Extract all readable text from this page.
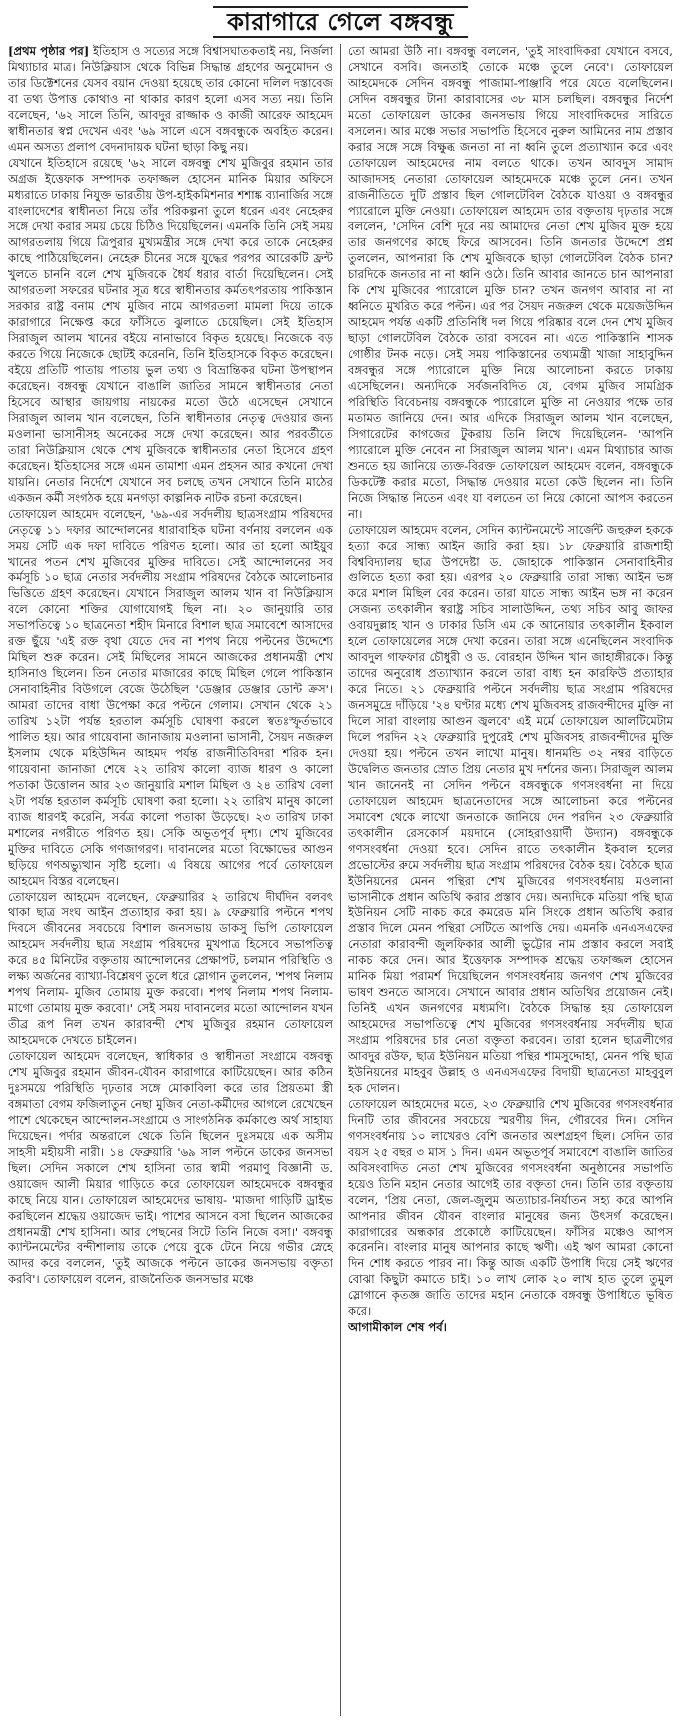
কারাগারে গেলে বঙ্গবন্ধু

[প্রথম পৃষ্ঠার পর] ইতিহাস ও সত্যের সঙ্গে বিশ্বাসঘাতকতাই নয়, নির্জলা মিথ্যাচার মাত্র। নিউক্লিয়াস থেকে বিভিন্ন সিদ্ধান্ত গ্রহণের অনুমোদন ও তার ডিক্টেশনের যেসব বয়ান দেওয়া হয়েছে তার কোনো দলিল দস্তাবেজ বা তথ্য উপাত্ত কোথাও না থাকার কারণ হলো এসব সত্য নয়। তিনি বলেছেন, '৬২ সালে তিনি, আবদুর রাজ্জাক ও কাজী আরেফ আহমেদ স্বাধীনতার স্বপ্ন দেখেন এবং '৬৯ সালে এসে বঙ্গবন্ধুকে অবহিত করেন। এমন অসত্য প্রলাপ বেদনাদায়ক ঘটনা ছাড়া কিছু নয়।

যেখানে ইতিহাসে রয়েছে '৬২ সালে বঙ্গবন্ধু শেখ মুজিবুর রহমান তার অগ্রজ ইত্তেফাক সম্পাদক তফাজ্জল হোসেন মানিক মিয়ার অফিসে মধ্যরাতে ঢাকায় নিযুক্ত ভারতীয় উপ-হাইকমিশনার শশাঙ্ক ব্যানার্জির সঙ্গে বাংলাদেশের স্বাধীনতা নিয়ে তাঁর পরিকল্পনা তুলে ধরেন এবং নেহেরুর সঙ্গে দেখা করার সময় চেয়ে চিঠিও দিয়েছিলেন। এমনকি তিনি সেই সময় আগরতলায় গিয়ে ত্রিপুরার মুখ্যমন্ত্রীর সঙ্গে দেখা করে তাকে নেহেরুর কাছে পাঠিয়েছিলেন। নেহেরু চীনের সঙ্গে যুদ্ধের পরপর আরেকটি ফ্রন্ট খুলতে চাননি বলে শেখ মুজিবকে ধৈর্য ধরার বার্তা দিয়েছিলেন। সেই আগরতলা সফরের ঘটনার সূত্র ধরে স্বাধীনতার কর্মতৎপরতায় পাকিস্তান সরকার রাষ্ট্র বনাম শেখ মুজিব নামে আগরতলা মামলা দিয়ে তাকে কারাগারে নিক্ষেপ্ত করে ফাঁসিতে ঝুলাতে চেয়েছিল। সেই ইতিহাস সিরাজুল আলম খানের বইয়ে নানাভাবে বিকৃত হয়েছে। নিজেকে বড় করতে গিয়ে নিজেকে ছোটই করেননি, তিনি ইতিহাসকে বিকৃত করেছেন। বইয়ে প্রতিটি পাতায় পাতায় ভুল তথ্য ও বিভ্রান্তিকর ঘটনা উপস্থাপন করেছেন। বঙ্গবন্ধু যেখানে বাঙালি জাতির সামনে স্বাধীনতার নেতা হিসেবে আস্থার জায়গায় নায়কের মতো উঠে এসেছেন সেখানে সিরাজুল আলম খান বলেছেন, তিনি স্বাধীনতার নেতৃত্ব দেওয়ার জন্য মওলানা ভাসানীসহ অনেকের সঙ্গে দেখা করেছেন। আর পরবর্তীতে তারা নিউক্লিয়াস থেকে শেখ মুজিবকে স্বাধীনতার নেতা হিসেবে গ্রহণ করেছেন। ইতিহাসের সঙ্গে এমন তামাশা এমন প্রহসন আর কখনো দেখা যায়নি। নেতার নির্দেশে যেখানে সব চলছে তখন সেখানে তিনি মাঠের একজন কর্মী সংগঠক হয়ে মনগড়া কাল্পনিক নাটক রচনা করেছেন।

তোফায়েল আহমেদ বলেছেন, '৬৯-এর সর্বদলীয় ছাত্রসংগ্রাম পরিষদের নেতৃত্বে ১১ দফার আন্দোলনের ধারাবাহিক ঘটনা বর্ণনায় বললেন এক সময় সেটি এক দফা দাবিতে পরিণত হলো। আর তা হলো আইয়ুব খানের পতন শেখ মুজিবের মুক্তির দাবিতে। সেই আন্দোলনের সব কর্মসূচি ১০ ছাত্র নেতার সর্বদলীয় সংগ্রাম পরিষদের বৈঠকে আলোচনার ভিত্তিতে গ্রহণ করেছেন। যেখানে সিরাজুল আলম খান বা নিউক্লিয়াস বলে কোনো শক্তির যোগাযোগই ছিল না। ২০ জানুয়ারি তার সভাপতিত্বে ১০ ছাত্রনেতা শহীদ মিনারে বিশাল ছাত্র সমাবেশে আসাদের রক্ত ছুঁয়ে 'এই রক্ত বৃথা যেতে দেব না শপথ নিয়ে পল্টনের উদ্দেশ্যে মিছিল শুরু করেন। সেই মিছিলের সামনে আজকের প্রধানমন্ত্রী শেখ হাসিনাও ছিলেন। তিন নেতার মাজারের কাছে মিছিল গেলে পাকিস্তান সেনাবাহিনীর বিউগলে বেজে উঠেছিল 'ডেঞ্জার ডেঞ্জার ডোন্ট ক্রস'। আমরা তাদের বাধা উপেক্ষা করে পল্টনে গেলাম। সেখান থেকে ২১ তারিখ ১২টা পর্যন্ত হরতাল কর্মসূচি ঘোষণা করলে স্বতঃস্ফূর্তভাবে পালিত হয়। আর গায়েবানা জানাজায় মওলানা ভাসানী, সৈয়দ নজরুল ইসলাম থেকে মহিউদ্দিন আহমদ পর্যন্ত রাজনীতিবিদরা শরিক হন। গায়েবানা জানাজা শেষে ২২ তারিখ কালো ব্যাজ ধারণ ও কালো পতাকা উত্তোলন আর ২৩ জানুয়ারি মশাল মিছিল ও ২৪ তারিখ বেলা ২টা পর্যন্ত হরতাল কর্মসূচি ঘোষণা করা হলো। ২২ তারিখ মানুষ কালো ব্যাজ ধারণই করেনি, সর্বত্র কালো পতাকা উড়েছে। ২৩ তারিখ ঢাকা মশালের নগরীতে পরিণত হয়। সেকি অভূতপূর্ব দৃশ্য। শেখ মুজিবের মুক্তির দাবিতে সেকি গণজাগরণ। দাবানলের মতো বিক্ষোভের আগুন ছড়িয়ে গণঅভ্যুত্থান সৃষ্টি হলো। এ বিষয়ে আগের পর্বে তোফায়েল আহমেদ বিস্তর বলেছেন।

তোফায়েল আহমেদ বলেছেন, ফেব্রুয়ারির ২ তারিখে দীর্ঘদিন বলবৎ থাকা ছাত্র সংঘ আইন প্রত্যাহার করা হয়। ৯ ফেব্রুয়ারি পল্টনে শপথ দিবসে জীবনের সবচেয়ে বিশাল জনসভায় ডাকসু ভিপি তোফায়েল আহমেদ সর্বদলীয় ছাত্র সংগ্রাম পরিষদের মুখপাত্র হিসেবে সভাপতিত্ব করে ৪৫ মিনিটের বক্তৃতায় আন্দোলনের প্রেক্ষাপট, চলমান পরিস্থিতি ও লক্ষ্য অর্জনের ব্যাখ্যা-বিশ্লেষণ তুলে ধরে স্লোগান তুললেন, 'শপথ নিলাম শপথ নিলাম- মুজিব তোমায় মুক্ত করবো। শপথ নিলাম শপথ নিলাম- মাগো তোমায় মুক্ত করবো।' সেই সময় দাবানলের মতো আন্দোলন যখন তীব্র রূপ নিল তখন কারাবন্দী শেখ মুজিবুর রহমান তোফায়েল আহমেদকে দেখতে চাইলেন।

তোফায়েল আহমেদ বলেছেন, স্বাধিকার ও স্বাধীনতা সংগ্রামে বঙ্গবন্ধু শেখ মুজিবুর রহমান জীবন-যৌবন কারাগারে কাটিয়েছেন। আর কঠিন দুঃসময়ে পরিস্থিতি দৃঢ়তার সঙ্গে মোকাবিলা করে তার প্রিয়তমা স্ত্রী বঙ্গমাতা বেগম ফজিলাতুন নেছা মুজিব নেতা-কর্মীদের আগলে রেখেছেন পাশে থেকেছেন আন্দোলন-সংগ্রামে ও সাংগঠনিক কর্মকাণ্ডে অর্থ সাহায্য দিয়েছেন। পর্দার অন্তরালে থেকে তিনি ছিলেন দুঃসময়ে এক অসীম সাহসী মহীয়সী নারী। ১৪ ফেব্রুয়ারি '৬৯ সাল পল্টনে ডাকের জনসভা ছিল। সেদিন সকালে শেখ হাসিনা তার স্বামী পরমাণু বিজ্ঞানী ড. ওয়াজেদ আলী মিয়ার গাড়িতে করে তোফায়েল আহমেদকে বঙ্গবন্ধুর কাছে নিয়ে যান। তোফায়েল আহমেদের ভাষায়- 'মাজদা গাড়িটি ড্রাইভ করছিলেন শ্রদ্ধেয় ওয়াজেদ ভাই। পাশের আসনে বসা ছিলেন আজকের প্রধানমন্ত্রী শেখ হাসিনা। আর পেছনের সিটে তিনি নিজে বসা।' বঙ্গবন্ধু ক্যান্টনমেন্টের বন্দীশালায় তাকে পেয়ে বুকে টেনে নিয়ে গভীর স্নেহে আদর করে বললেন, 'তুই আজকে পল্টনে ডাকের জনসভায় বক্তৃতা করবি'। তোফায়েল বলেন, রাজনৈতিক জনসভার মঞ্চে

তো আমরা উঠি না। বঙ্গবন্ধু বললেন, 'তুই সাংবাদিকরা যেখানে বসবে, সেখানে বসবি। জনতাই তোকে মঞ্চে তুলে নেবে'। তোফায়েল আহমেদকে সেদিন বঙ্গবন্ধু পাজামা-পাঞ্জাবি পরে যেতে বলেছিলেন। সেদিন বঙ্গবন্ধুর টানা কারাবাসের ৩৮ মাস চলছিল। বঙ্গবন্ধুর নির্দেশ মতো তোফায়েল ডাকের জনসভায় গিয়ে সাংবাদিকদের সারিতে বসলেন। আর মঞ্চে সভার সভাপতি হিসেবে নুরুল আমিনের নাম প্রস্তাব করার সঙ্গে সঙ্গে বিক্ষুব্ধ জনতা না না ধ্বনি তুলে প্রত্যাখ্যান করে এবং তোফায়েল আহমেদের নাম বলতে থাকে। তখন আবদুস সামাদ আজাদসহ নেতারা তোফায়েল আহমেদকে মঞ্চে তুলে নেন। তখন রাজনীতিতে দুটি প্রস্তাব ছিল গোলটেবিল বৈঠকে যাওয়া ও বঙ্গবন্ধুর প্যারোলে মুক্তি নেওয়া। তোফায়েল আহমেদ তার বক্তৃতায় দৃঢ়তার সঙ্গে বললেন, 'সেদিন বেশি দূরে নয় আমাদের নেতা শেখ মুজিব মুক্ত হয়ে তার জনগণের কাছে ফিরে আসবেন। তিনি জনতার উদ্দেশে প্রশ্ন তুললেন, আপনারা কি শেখ মুজিবকে ছাড়া গোলটেবিল বৈঠক চান? চারদিকে জনতার না না ধ্বনি ওঠে। তিনি আবার জানতে চান আপনারা কি শেখ মুজিবের প্যারোলে মুক্তি চান? তখন জনগণ আবার না না ধ্বনিতে মুখরিত করে পল্টন। এর পর সৈয়দ নজরুল থেকে ময়েজউদ্দিন আহমেদ পর্যন্ত একটি প্রতিনিধি দল গিয়ে পরিষ্কার বলে দেন শেখ মুজিব ছাড়া গোলটেবিল বৈঠকে তারা বসবেন না। এতে পাকিস্তানি শাসক গোষ্ঠীর টনক নড়ে। সেই সময় পাকিস্তানের তথ্যমন্ত্রী খাজা সাহাবুদ্দিন বঙ্গবন্ধুর সঙ্গে প্যারোলে মুক্তি নিয়ে আলোচনা করতে ঢাকায় এসেছিলেন। অন্যদিকে সর্বজনবিদিত যে, বেগম মুজিব সামগ্রিক পরিস্থিতি বিবেচনায় বঙ্গবন্ধুকে প্যারোলে মুক্তি না নেওয়ার পক্ষে তার মতামত জানিয়ে দেন। আর এদিকে সিরাজুল আলম খান বলেছেন, সিগারেটের কাগজের টুকরায় তিনি লিখে দিয়েছিলেন- 'আপনি প্যারোলে মুক্তি নেবেন না সিরাজুল আলম খান'। এমন মিথ্যাচার আজ শুনতে হয় জানিয়ে ত্যক্ত-বিরক্ত তোফায়েল আহমেদ বলেন, বঙ্গবন্ধুকে ডিকটেক্ট করার মতো, সিদ্ধান্ত দেওয়ার মতো কেউ ছিলেন না। তিনি নিজে সিদ্ধান্ত নিতেন এবং যা বলতেন তা নিয়ে কোনো আপস করতেন না।

তোফায়েল আহমেদ বলেন, সেদিন ক্যান্টনমেন্টে সার্জেন্ট জহুরুল হককে হত্যা করে সান্ধ্য আইন জারি করা হয়। ১৮ ফেব্রুয়ারি রাজশাহী বিশ্ববিদ্যালয় ছাত্র উপদেষ্টা ড. জোহাকে পাকিস্তান সেনাবাহিনীর গুলিতে হত্যা করা হয়। এরপর ২০ ফেব্রুয়ারি তারা সান্ধ্য আইন ভঙ্গ করে মশাল মিছিল বের করেন। তারা যাতে সান্ধ্য আইন ভঙ্গ না করেন সেজন্য তৎকালীন স্বরাষ্ট্র সচিব সালাউদ্দিন, তথ্য সচিব আবু জাফর ওবায়দুল্লাহ খান ও ঢাকার ডিসি এম কে আনোয়ার তৎকালীন ইকবাল হলে তোফায়েলের সঙ্গে দেখা করেন। তারা সঙ্গে এনেছিলেন সংবাদিক আবদুল গাফফার চৌধুরী ও ড. বোরহান উদ্দিন খান জাহাঙ্গীরকে। কিন্তু তাদের অনুরোধ প্রত্যাখ্যান করলে তারা বাধ্য হন কারফিউ প্রত্যাহার করে নিতে। ২১ ফেব্রুয়ারি পল্টনে সর্বদলীয় ছাত্র সংগ্রাম পরিষদের জনসমুদ্রে দাঁড়িয়ে '২৪ ঘণ্টার মধ্যে শেখ মুজিবসহ রাজবন্দীদের মুক্তি না দিলে সারা বাংলায় আগুন জ্বলবে' এই মর্মে তোফায়েল আলটিমেটাম দিলে পরদিন ২২ ফেব্রুয়ারি দুপুরেই শেখ মুজিবসহ রাজবন্দীদের মুক্তি দেওয়া হয়। পল্টনে তখন লাখো মানুষ। ধানমন্ডি ৩২ নম্বর বাড়িতে উদ্বেলিত জনতার স্রোত প্রিয় নেতার মুখ দর্শনের জন্য। সিরাজুল আলম খান জানেনই না সেদিন পল্টনে বঙ্গবন্ধুকে গণসংবর্ধনা না দিয়ে তোফায়েল আহমেদ ছাত্রনেতাদের সঙ্গে আলোচনা করে পল্টনের সমাবেশ থেকে লাখো জনতাকে জানিয়ে দেন পরদিন ২৩ ফেব্রুয়ারি তৎকালীন রেসকোর্স ময়দানে (সোহরাওয়ার্দী উদ্যান) বঙ্গবন্ধুকে গণসংবর্ধনা দেওয়া হবে। সেদিন রাতে তৎকালীন ইকবাল হলের প্রভোস্টের রুমে সর্বদলীয় ছাত্র সংগ্রাম পরিষদের বৈঠক হয়। বৈঠকে ছাত্র ইউনিয়নের মেনন পন্থিরা শেখ মুজিবের গণসংবর্ধনায় মওলানা ভাসানীকে প্রধান অতিথি করার প্রস্তাব দেয়। অন্যদিকে মতিয়া পন্থি ছাত্র ইউনিয়ন সেটি নাকচ করে কমরেড মনি সিংকে প্রধান অতিথি করার প্রস্তাব দিলে মেনন পন্থিরা সেটিতে আপত্তি দেয়। এমনকি এনএসএফের নেতারা কারাবন্দী জুলফিকার আলী ভুট্টোর নাম প্রস্তাব করলে সবাই নাকচ করে দেন। আর ইত্তেফাক সম্পাদক শ্রদ্ধেয় তফাজ্জল হোসেন মানিক মিয়া পরামর্শ দিয়েছিলেন গণসংবর্ধনায় জনগণ শেখ মুজিবের ভাষণ শুনতে আসবে। সেখানে আবার প্রধান অতিথির প্রয়োজন নেই। তিনিই এখন জনগণের মধ্যমণি। বৈঠকে সিদ্ধান্ত হয় তোফায়েল আহমেদের সভাপতিত্বে শেখ মুজিবের গণসংবর্ধনায় সর্বদলীয় ছাত্র সংগ্রাম পরিষদের চার নেতা বক্তৃতা করবেন। তারা হলেন ছাত্রলীগের আবদুর রউফ, ছাত্র ইউনিয়ন মতিয়া পন্থির শামসুদ্দোহা, মেনন পন্থি ছাত্র ইউনিয়নের মাহবুব উল্লাহ ও এনএসএফের বিদায়ী ছাত্রনেতা মাহবুবুল হক দোলন।

তোফায়েল আহমেদের মতে, ২৩ ফেব্রুয়ারি শেখ মুজিবের গণসংবর্ধনার দিনটি তার জীবনের সবচেয়ে স্মরণীয় দিন, গৌরবের দিন। সেদিন গণসংবর্ধনায় ১০ লাখেরও বেশি জনতার অংশগ্রহণ ছিল। সেদিন তার বয়স ২৫ বছর ৩ মাস ১ দিন। এমন অভূতপূর্ব সমাবেশে বাঙালি জাতির অবিসংবাদিত নেতা শেখ মুজিবের গণসংবর্ধনা অনুষ্ঠানের সভাপতি হয়েও তিনি মহান নেতার আগেই তার বক্তৃতা দেন। তিনি তার বক্তৃতায় বলেন, 'প্রিয় নেতা, জেল-জুলুম অত্যাচার-নির্যাতন সহ্য করে আপনি আপনার জীবন যৌবন বাংলার মানুষের জন্য উৎসর্গ করেছেন। কারাগারের অন্ধকার প্রকোষ্ঠে কাটিয়েছেন। ফাঁসির মঞ্চেও আপস করেননি। বাংলার মানুষ আপনার কাছে ঋণী। এই ঋণ আমরা কোনো দিন শোধ করতে পারব না। কিন্তু আজ একটি উপাধি দিয়ে সেই ঋণের বোঝা কিছুটা কমাতে চাই। ১০ লাখ লোক ২০ লাখ হাত তুলে তুমুল স্লোগানে কৃতজ্ঞ জাতি তাদের মহান নেতাকে বঙ্গবন্ধু উপাধিতে ভূষিত করে।

আগামীকাল শেষ পর্ব।
